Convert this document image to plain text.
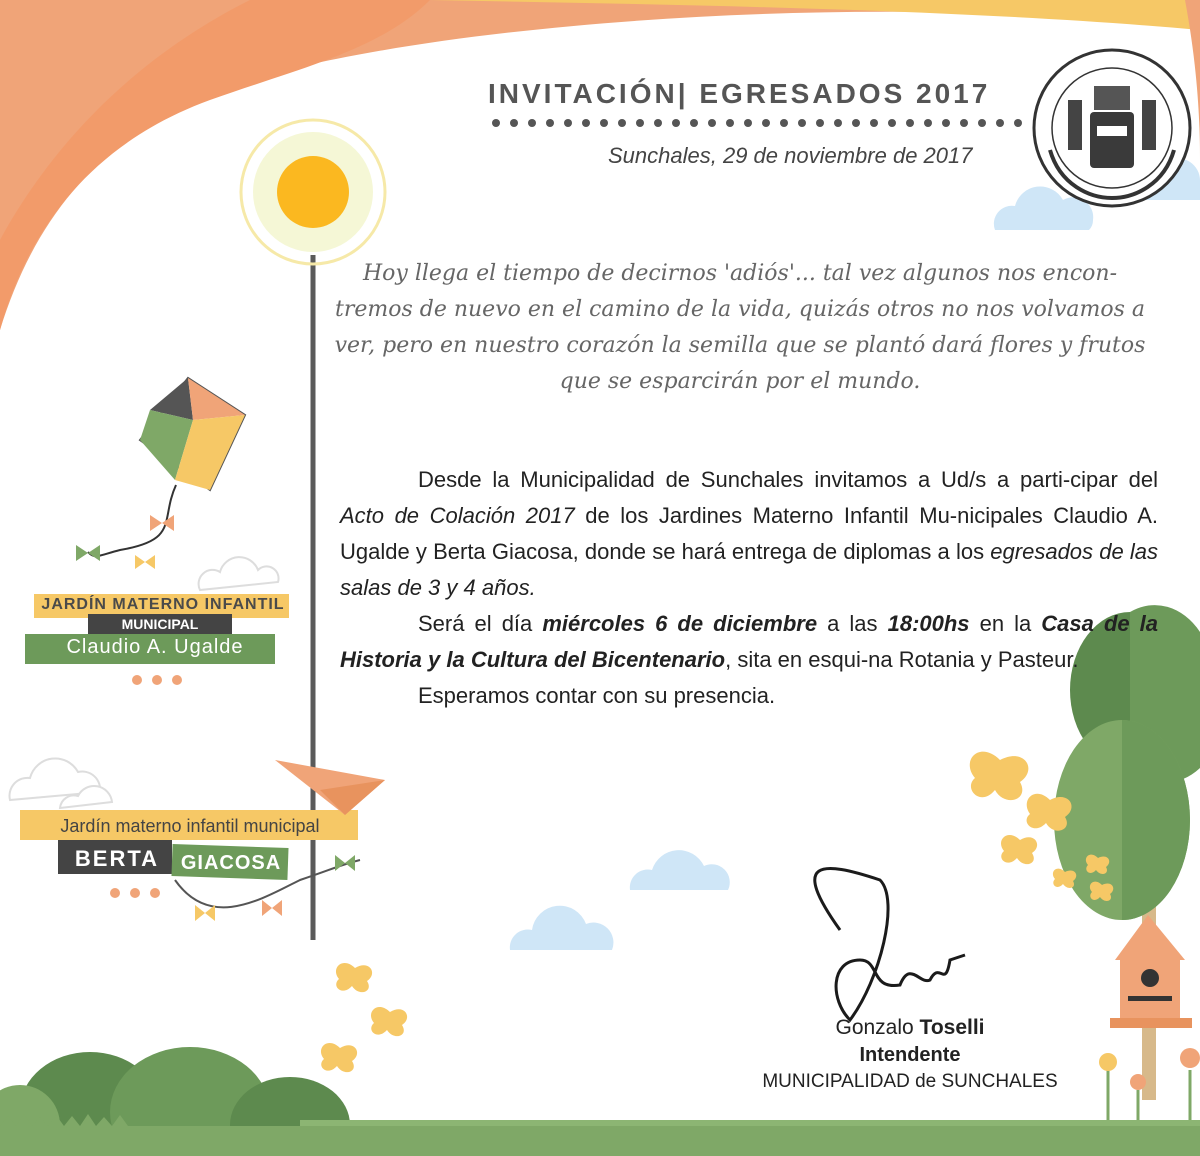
INVITACIÓN| EGRESADOS 2017
Sunchales, 29 de noviembre de 2017
Hoy llega el tiempo de decirnos 'adiós'... tal vez algunos nos encon-tremos de nuevo en el camino de la vida, quizás otros no nos volvamos a ver, pero en nuestro corazón la semilla que se plantó dará flores y frutos que se esparcirán por el mundo.

Desde la Municipalidad de Sunchales invitamos a Ud/s a parti-cipar del Acto de Colación 2017 de los Jardines Materno Infantil Mu-nicipales Claudio A. Ugalde y Berta Giacosa, donde se hará entrega de diplomas a los egresados de las salas de 3 y 4 años.

Será el día miércoles 6 de diciembre a las 18:00hs en la Casa de la Historia y la Cultura del Bicentenario, sita en esqui-na Rotania y Pasteur.

Esperamos contar con su presencia.

Gonzalo Toselli
Intendente
MUNICIPALIDAD de SUNCHALES
JARDÍN MATERNO INFANTIL
MUNICIPAL
Claudio A. Ugalde
Jardín materno infantil municipal
BERTA	GIACOSA
